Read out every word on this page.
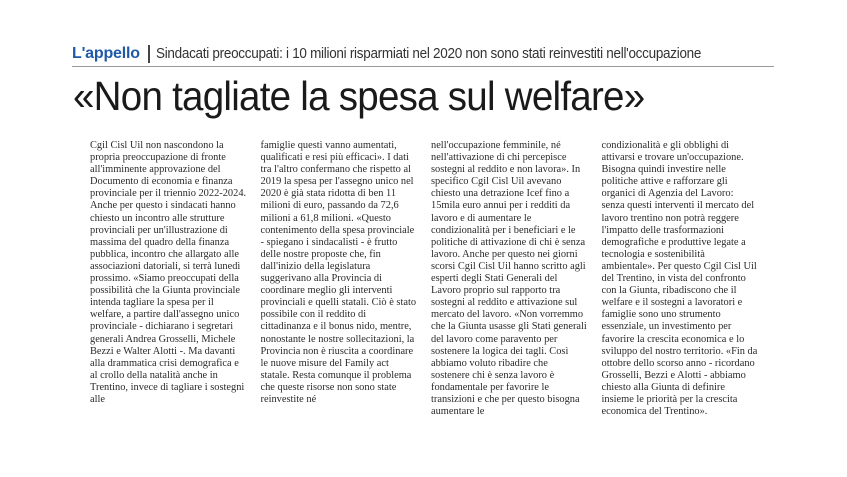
L'appello Sindacati preoccupati: i 10 milioni risparmiati nel 2020 non sono stati reinvestiti nell'occupazione
«Non tagliate la spesa sul welfare»

Cgil Cisl Uil non nascondono la propria preoccupazione di fronte all'imminente approvazione del Documento di economia e finanza provinciale per il triennio 2022-2024. Anche per questo i sindacati hanno chiesto un incontro alle strutture provinciali per un'illustrazione di massima del quadro della finanza pubblica, incontro che allargato alle associazioni datoriali, si terrà lunedì prossimo. «Siamo preoccupati della possibilità che la Giunta provinciale intenda tagliare la spesa per il welfare, a partire dall'assegno unico provinciale - dichiarano i segretari generali Andrea Grosselli, Michele Bezzi e Walter Alotti -. Ma davanti alla drammatica crisi demografica e al crollo della natalità anche in Trentino, invece di tagliare i sostegni alle

famiglie questi vanno aumentati, qualificati e resi più efficaci». I dati tra l'altro confermano che rispetto al 2019 la spesa per l'assegno unico nel 2020 è già stata ridotta di ben 11 milioni di euro, passando da 72,6 milioni a 61,8 milioni. «Questo contenimento della spesa provinciale - spiegano i sindacalisti - è frutto delle nostre proposte che, fin dall'inizio della legislatura suggerivano alla Provincia di coordinare meglio gli interventi provinciali e quelli statali. Ciò è stato possibile con il reddito di cittadinanza e il bonus nido, mentre, nonostante le nostre sollecitazioni, la Provincia non è riuscita a coordinare le nuove misure del Family act statale. Resta comunque il problema che queste risorse non sono state reinvestite né

nell'occupazione femminile, né nell'attivazione di chi percepisce sostegni al reddito e non lavora». In specifico Cgil Cisl Uil avevano chiesto una detrazione Icef fino a 15mila euro annui per i redditi da lavoro e di aumentare le condizionalità per i beneficiari e le politiche di attivazione di chi è senza lavoro. Anche per questo nei giorni scorsi Cgil Cisl Uil hanno scritto agli esperti degli Stati Generali del Lavoro proprio sul rapporto tra sostegni al reddito e attivazione sul mercato del lavoro. «Non vorremmo che la Giunta usasse gli Stati generali del lavoro come paravento per sostenere la logica dei tagli. Così abbiamo voluto ribadire che sostenere chi è senza lavoro è fondamentale per favorire le transizioni e che per questo bisogna aumentare le

condizionalità e gli obblighi di attivarsi e trovare un'occupazione. Bisogna quindi investire nelle politiche attive e rafforzare gli organici di Agenzia del Lavoro: senza questi interventi il mercato del lavoro trentino non potrà reggere l'impatto delle trasformazioni demografiche e produttive legate a tecnologia e sostenibilità ambientale». Per questo Cgil Cisl Uil del Trentino, in vista del confronto con la Giunta, ribadiscono che il welfare e il sostegni a lavoratori e famiglie sono uno strumento essenziale, un investimento per favorire la crescita economica e lo sviluppo del nostro territorio. «Fin da ottobre dello scorso anno - ricordano Grosselli, Bezzi e Alotti - abbiamo chiesto alla Giunta di definire insieme le priorità per la crescita economica del Trentino».
